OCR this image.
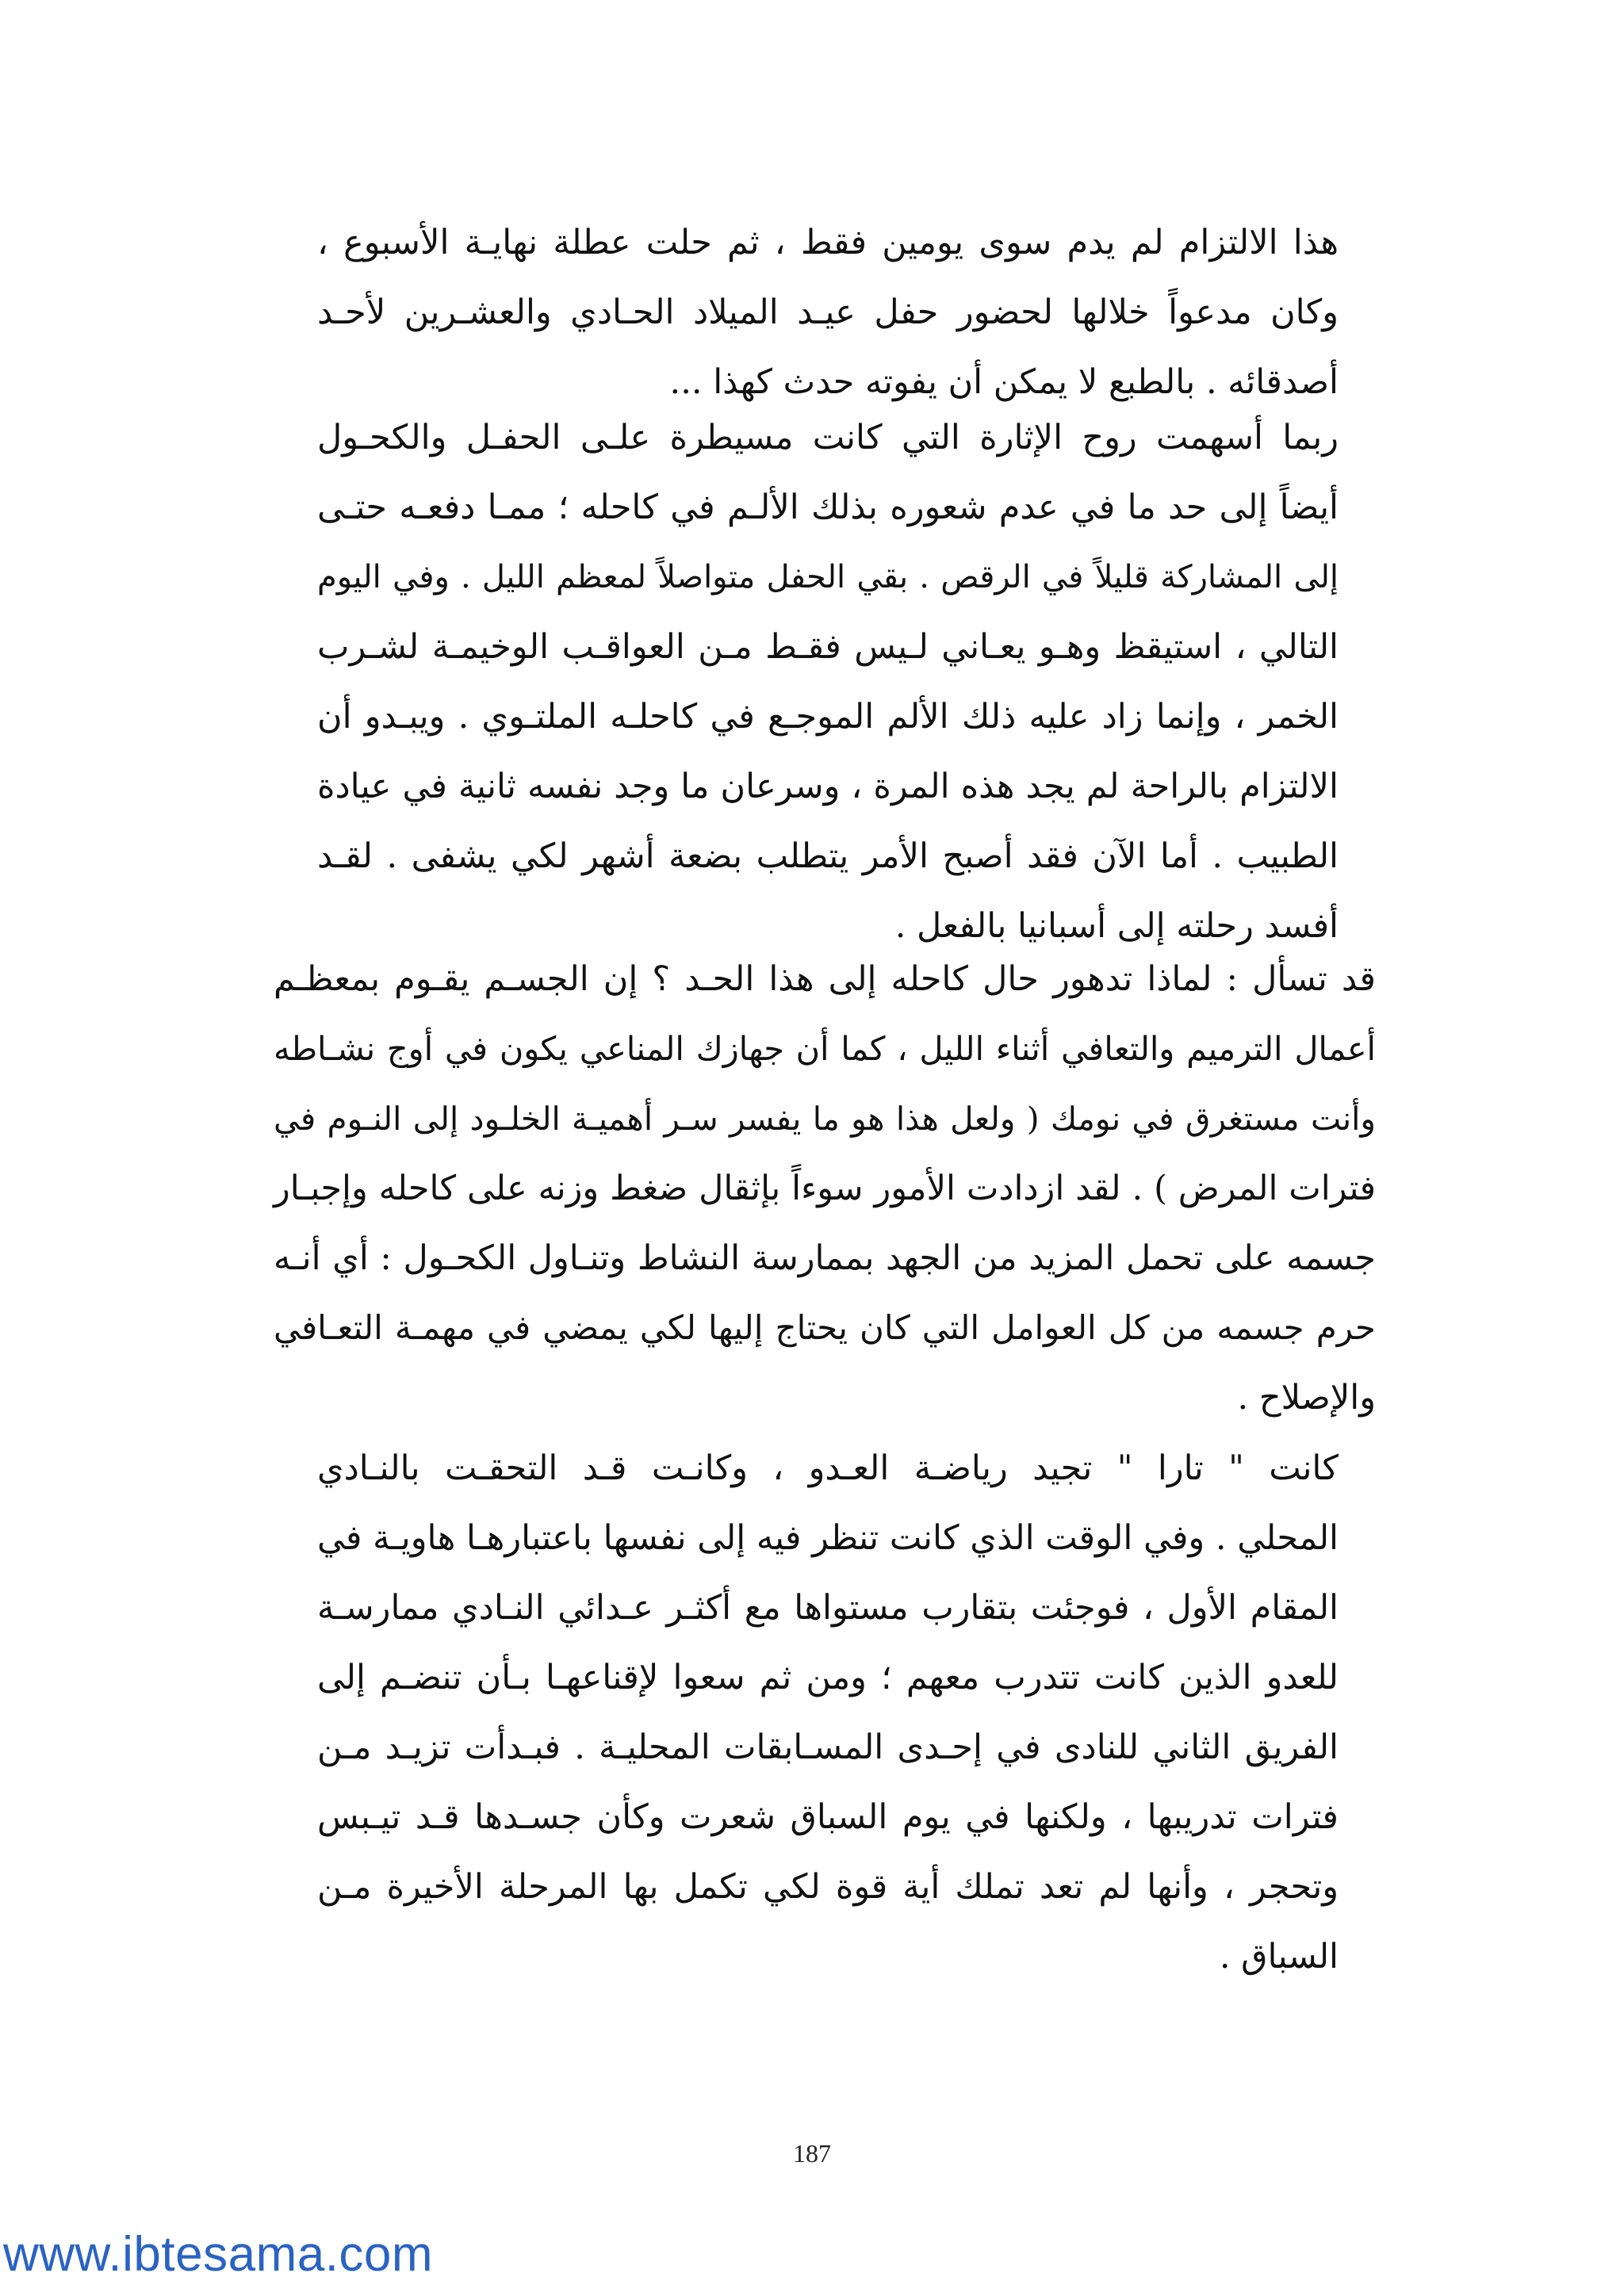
هذا الالتزام لم يدم سوى يومين فقط ، ثم حلت عطلة نهايـة الأسبوع ،
وكان مدعواً خلالها لحضور حفل عيـد الميلاد الحـادي والعشـرين لأحـد
أصدقائه . بالطبع لا يمكن أن يفوته حدث كهذا ...
ربما أسهمت روح الإثارة التي كانت مسيطرة علـى الحفـل والكحـول
أيضاً إلى حد ما في عدم شعوره بذلك الألـم في كاحله ؛ ممـا دفعـه حتـى
إلى المشاركة قليلاً في الرقص . بقي الحفل متواصلاً لمعظم الليل . وفي اليوم
التالي ، استيقظ وهـو يعـاني لـيس فقـط مـن العواقـب الوخيمـة لشـرب
الخمر ، وإنما زاد عليه ذلك الألم الموجـع في كاحلـه الملتـوي . ويبـدو أن
الالتزام بالراحة لم يجد هذه المرة ، وسرعان ما وجد نفسه ثانية في عيادة
الطبيب . أما الآن فقد أصبح الأمر يتطلب بضعة أشهر لكي يشفى . لقـد
أفسد رحلته إلى أسبانيا بالفعل .
قد تسأل : لماذا تدهور حال كاحله إلى هذا الحـد ؟ إن الجسـم يقـوم بمعظـم
أعمال الترميم والتعافي أثناء الليل ، كما أن جهازك المناعي يكون في أوج نشـاطه
وأنت مستغرق في نومك ( ولعل هذا هو ما يفسر سـر أهميـة الخلـود إلى النـوم في
فترات المرض ) . لقد ازدادت الأمور سوءاً بإثقال ضغط وزنه على كاحله وإجبـار
جسمه على تحمل المزيد من الجهد بممارسة النشاط وتنـاول الكحـول : أي أنـه
حرم جسمه من كل العوامل التي كان يحتاج إليها لكي يمضي في مهمـة التعـافي
والإصلاح .
كانت " تارا " تجيد رياضـة العـدو ، وكانـت قـد التحقـت بالنـادي
المحلي . وفي الوقت الذي كانت تنظر فيه إلى نفسها باعتبارهـا هاويـة في
المقام الأول ، فوجئت بتقارب مستواها مع أكثـر عـدائي النـادي ممارسـة
للعدو الذين كانت تتدرب معهم ؛ ومن ثم سعوا لإقناعهـا بـأن تنضـم إلى
الفريق الثاني للنادى في إحـدى المسـابقات المحليـة . فبـدأت تزيـد مـن
فترات تدريبها ، ولكنها في يوم السباق شعرت وكأن جسـدها قـد تيـبس
وتحجر ، وأنها لم تعد تملك أية قوة لكي تكمل بها المرحلة الأخيرة مـن
السباق .
187
www.ibtesama.com
